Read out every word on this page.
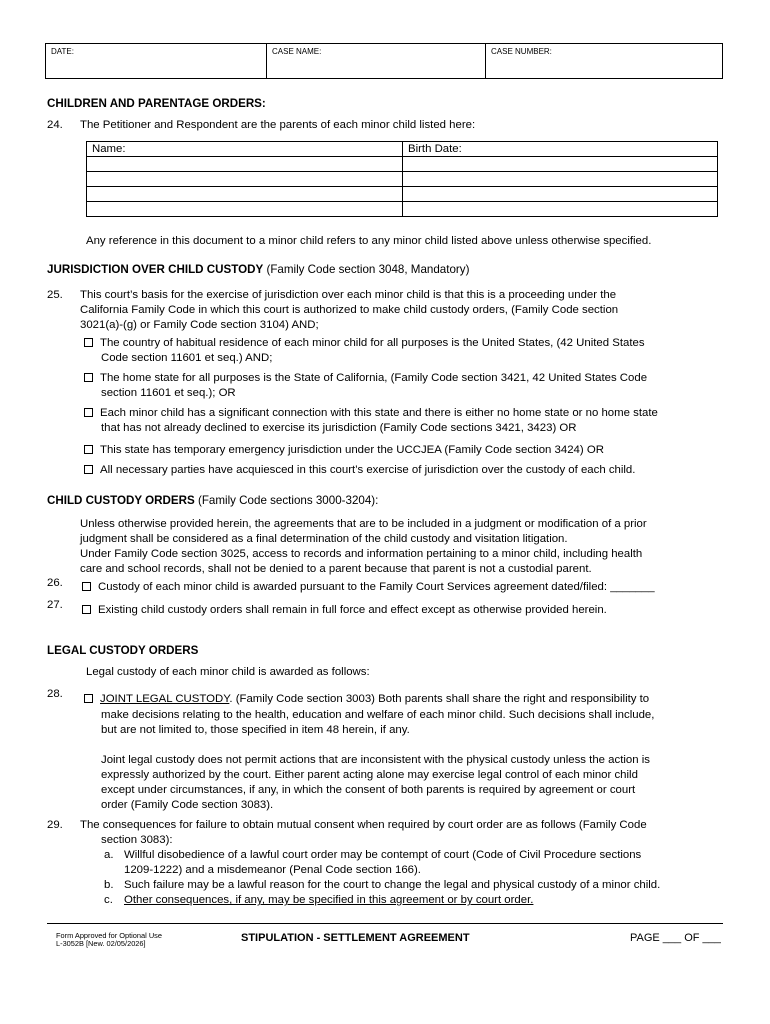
DATE:	CASE NAME:	CASE NUMBER:
CHILDREN AND PARENTAGE ORDERS:
24. The Petitioner and Respondent are the parents of each minor child listed here:
Name:	Birth Date:

Any reference in this document to a minor child refers to any minor child listed above unless otherwise specified.
JURISDICTION OVER CHILD CUSTODY (Family Code section 3048, Mandatory)
25. This court’s basis for the exercise of jurisdiction over each minor child is that this is a proceeding under the
California Family Code in which this court is authorized to make child custody orders, (Family Code section
3021(a)-(g) or Family Code section 3104) AND;
The country of habitual residence of each minor child for all purposes is the United States, (42 United States
Code section 11601 et seq.) AND;
The home state for all purposes is the State of California, (Family Code section 3421, 42 United States Code
section 11601 et seq.); OR
Each minor child has a significant connection with this state and there is either no home state or no home state
that has not already declined to exercise its jurisdiction (Family Code sections 3421, 3423) OR
This state has temporary emergency jurisdiction under the UCCJEA (Family Code section 3424) OR
All necessary parties have acquiesced in this court’s exercise of jurisdiction over the custody of each child.
CHILD CUSTODY ORDERS (Family Code sections 3000-3204):
Unless otherwise provided herein, the agreements that are to be included in a judgment or modification of a prior
judgment shall be considered as a final determination of the child custody and visitation litigation.
Under Family Code section 3025, access to records and information pertaining to a minor child, including health
care and school records, shall not be denied to a parent because that parent is not a custodial parent.
26.	Custody of each minor child is awarded pursuant to the Family Court Services agreement dated/filed: _______
27.	Existing child custody orders shall remain in full force and effect except as otherwise provided herein.
LEGAL CUSTODY ORDERS
Legal custody of each minor child is awarded as follows:
28.	JOINT LEGAL CUSTODY. (Family Code section 3003) Both parents shall share the right and responsibility to
make decisions relating to the health, education and welfare of each minor child. Such decisions shall include,
but are not limited to, those specified in item 48 herein, if any.
Joint legal custody does not permit actions that are inconsistent with the physical custody unless the action is
expressly authorized by the court. Either parent acting alone may exercise legal control of each minor child
except under circumstances, if any, in which the consent of both parents is required by agreement or court
order (Family Code section 3083).
29. The consequences for failure to obtain mutual consent when required by court order are as follows (Family Code
section 3083):
a. Willful disobedience of a lawful court order may be contempt of court (Code of Civil Procedure sections
1209-1222) and a misdemeanor (Penal Code section 166).
b. Such failure may be a lawful reason for the court to change the legal and physical custody of a minor child.
c. Other consequences, if any, may be specified in this agreement or by court order.
Form Approved for Optional Use
L-3052B [New. 02/05/2026]	STIPULATION - SETTLEMENT AGREEMENT	PAGE ___ OF ___
